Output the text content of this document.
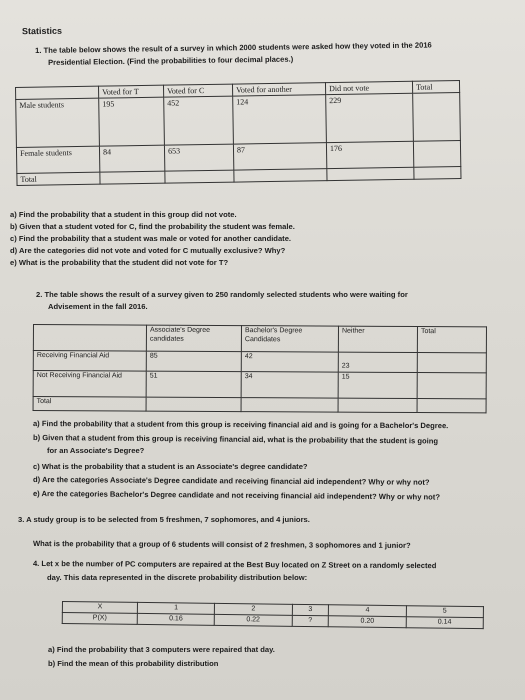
Statistics
1. The table below shows the result of a survey in which 2000 students were asked how they voted in the 2016
Presidential Election. (Find the probabilities to four decimal places.)
	Voted for T	Voted for C	Voted for another	Did not vote	Total
Male students	195	452	124	229	
Female students	84	653	87	176	
Total					
a) Find the probability that a student in this group did not vote.
b) Given that a student voted for C, find the probability the student was female.
c) Find the probability that a student was male or voted for another candidate.
d) Are the categories did not vote and voted for C mutually exclusive? Why?
e) What is the probability that the student did not vote for T?
2. The table shows the result of a survey given to 250 randomly selected students who were waiting for
Advisement in the fall 2016.
	Associate's Degree candidates	Bachelor's Degree Candidates	Neither	Total
Receiving Financial Aid	85	42	23	
Not Receiving Financial Aid	51	34	15	
Total				
a) Find the probability that a student from this group is receiving financial aid and is going for a Bachelor's Degree.
b) Given that a student from this group is receiving financial aid, what is the probability that the student is going
for an Associate's Degree?
c) What is the probability that a student is an Associate's degree candidate?
d) Are the categories Associate's Degree candidate and receiving financial aid independent? Why or why not?
e) Are the categories Bachelor's Degree candidate and not receiving financial aid independent? Why or why not?
3. A study group is to be selected from 5 freshmen, 7 sophomores, and 4 juniors.
What is the probability that a group of 6 students will consist of 2 freshmen, 3 sophomores and 1 junior?
4. Let x be the number of PC computers are repaired at the Best Buy located on Z Street on a randomly selected
day. This data represented in the discrete probability distribution below:
X	1	2	3	4	5
P(X)	0.16	0.22	?	0.20	0.14
a) Find the probability that 3 computers were repaired that day.
b) Find the mean of this probability distribution
